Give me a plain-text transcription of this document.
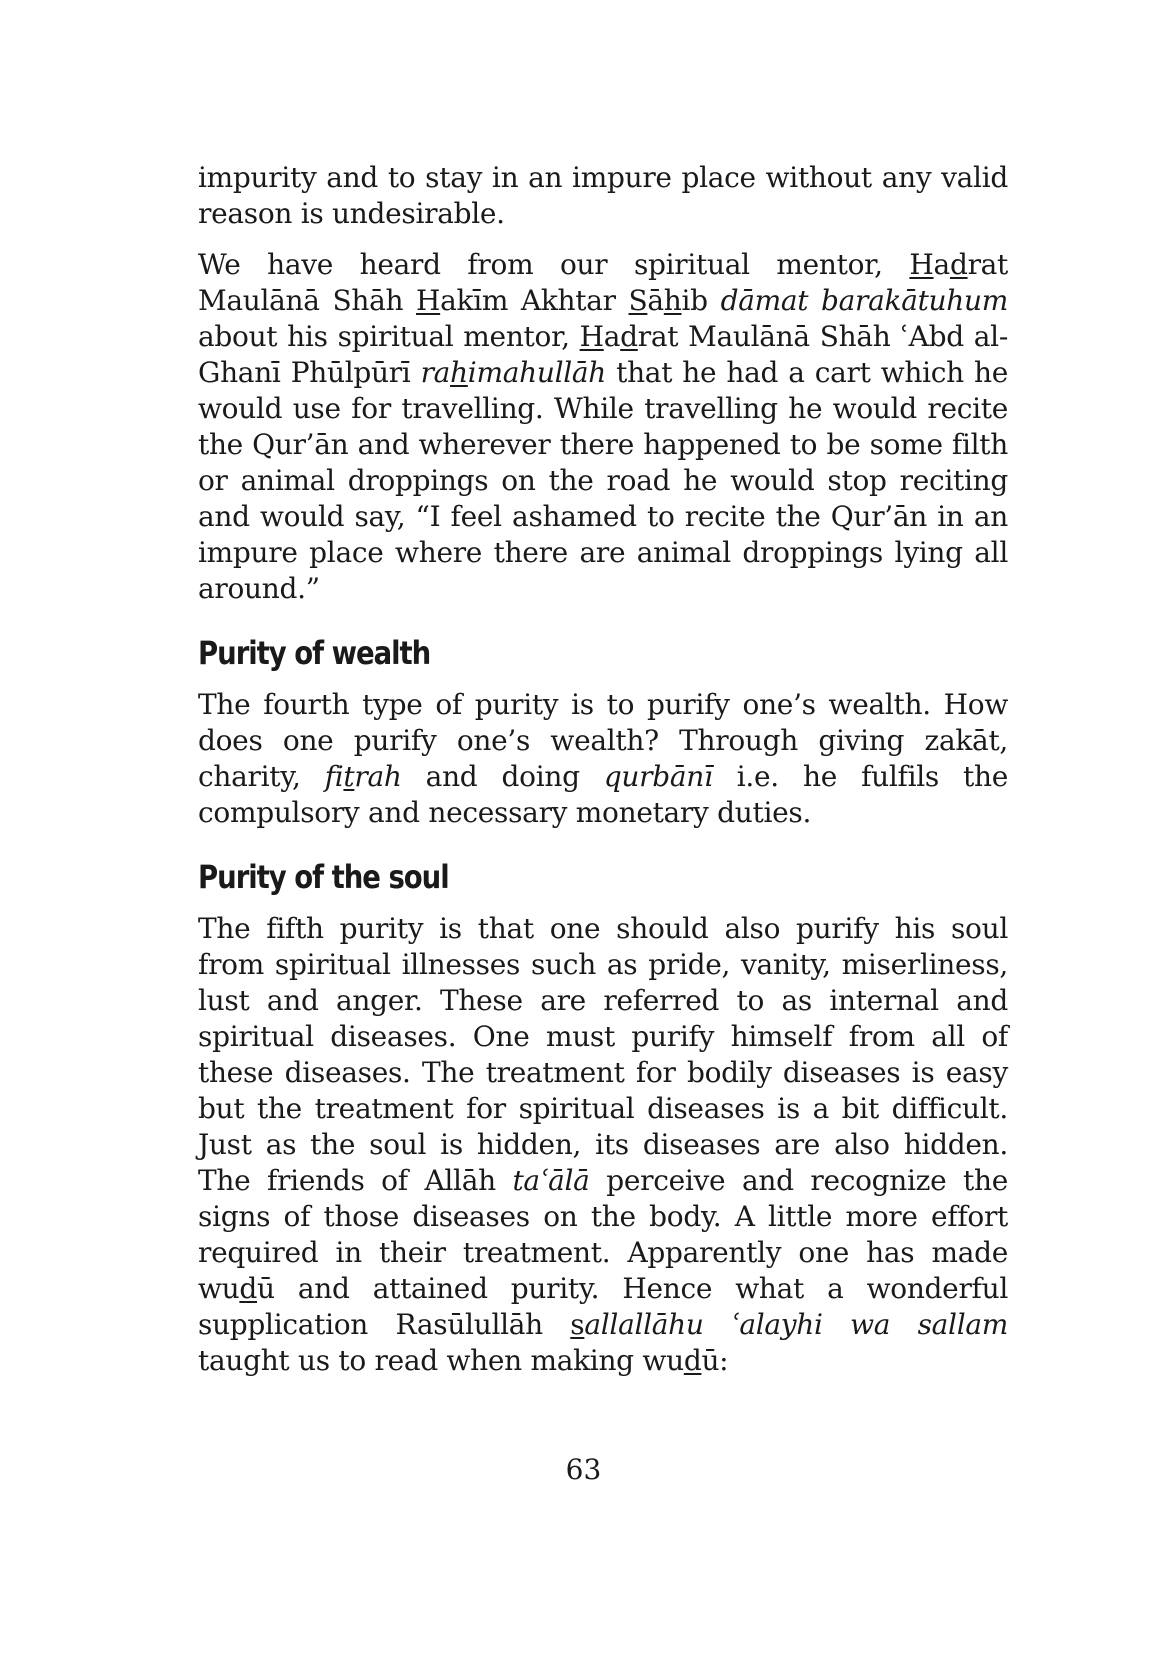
impurity and to stay in an impure place without any valid reason is undesirable.

We have heard from our spiritual mentor, Hadrat Maulānā Shāh Hakīm Akhtar Sāhib dāmat barakātuhum about his spiritual mentor, Hadrat Maulānā Shāh ʿAbd al-Ghanī Phūlpūrī rahimahullāh that he had a cart which he would use for travelling. While travelling he would recite the Qur’ān and wherever there happened to be some filth or animal droppings on the road he would stop reciting and would say, “I feel ashamed to recite the Qur’ān in an impure place where there are animal droppings lying all around.”

Purity of wealth

The fourth type of purity is to purify one’s wealth. How does one purify one’s wealth? Through giving zakāt, charity, fitrah and doing qurbānī i.e. he fulfils the compulsory and necessary monetary duties.

Purity of the soul

The fifth purity is that one should also purify his soul from spiritual illnesses such as pride, vanity, miserliness, lust and anger. These are referred to as internal and spiritual diseases. One must purify himself from all of these diseases. The treatment for bodily diseases is easy but the treatment for spiritual diseases is a bit difficult. Just as the soul is hidden, its diseases are also hidden. The friends of Allāh taʿālā perceive and recognize the signs of those diseases on the body. A little more effort required in their treatment. Apparently one has made wudū and attained purity. Hence what a wonderful supplication Rasūlullāh sallallāhu ʿalayhi wa sallam taught us to read when making wudū:

63
